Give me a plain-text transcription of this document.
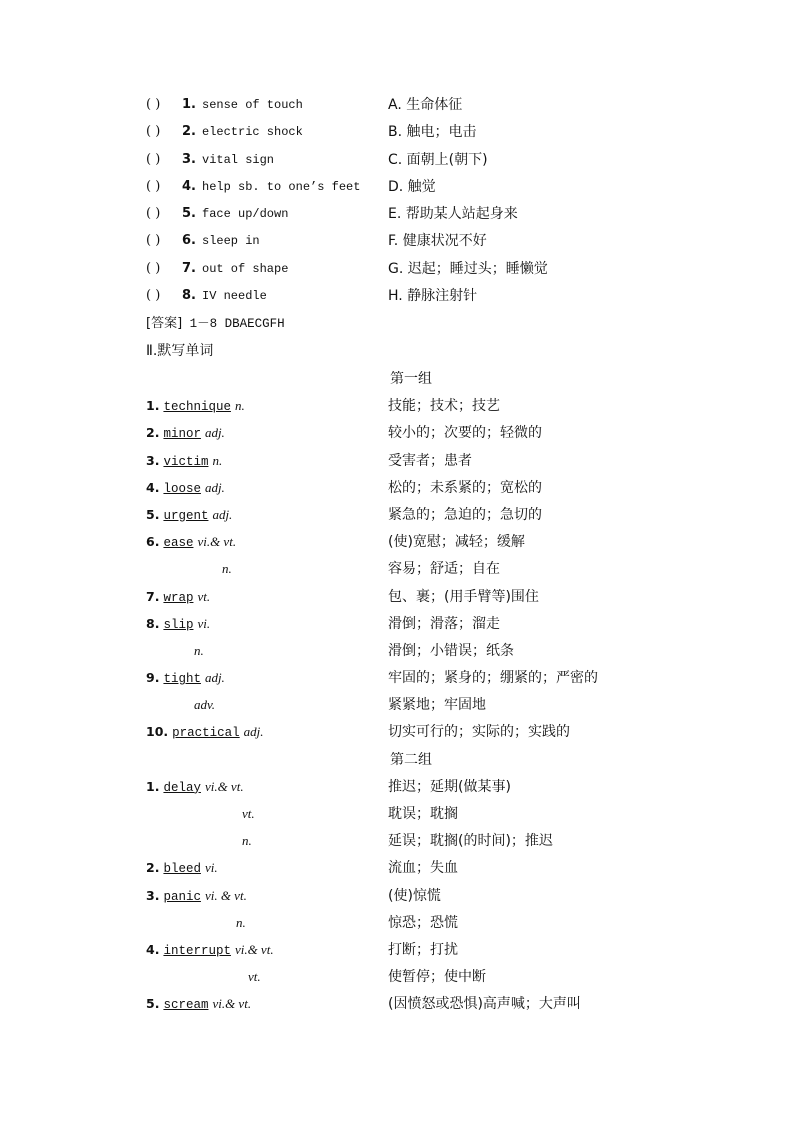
( ) 1. sense of touch	A. 生命体征
( ) 2. electric shock	B. 触电；电击
( ) 3. vital sign	C. 面朝上(朝下)
( ) 4. help sb. to one’s feet D. 触觉
( ) 5. face up/down	E. 帮助某人站起身来
( ) 6. sleep in	F. 健康状况不好
( ) 7. out of shape	G. 迟起；睡过头；睡懒觉
( ) 8. IV needle	H. 静脉注射针
[答案] 1－8 DBAECGFH
Ⅱ.默写单词
第一组
1. technique n.	技能；技术；技艺
2. minor adj.	较小的；次要的；轻微的
3. victim n.	受害者；患者
4. loose adj.	松的；未系紧的；宽松的
5. urgent adj.	紧急的；急迫的；急切的
6. ease vi.& vt.	(使)宽慰；减轻；缓解
n.	容易；舒适；自在
7. wrap vt.	包、裹；(用手臂等)围住
8. slip vi.	滑倒；滑落；溜走
n.	滑倒；小错误；纸条
9. tight adj.	牢固的；紧身的；绷紧的；严密的
adv.	紧紧地；牢固地
10. practical adj.	切实可行的；实际的；实践的
第二组
1. delay vi.& vt.	推迟；延期(做某事)
vt.	耽误；耽搁
n.	延误；耽搁(的时间)；推迟
2. bleed vi.	流血；失血
3. panic vi. & vt.	(使)惊慌
n.	惊恐；恐慌
4. interrupt vi.& vt.	打断；打扰
vt.	使暂停；使中断
5. scream vi.& vt.	(因愤怒或恐惧)高声喊；大声叫
